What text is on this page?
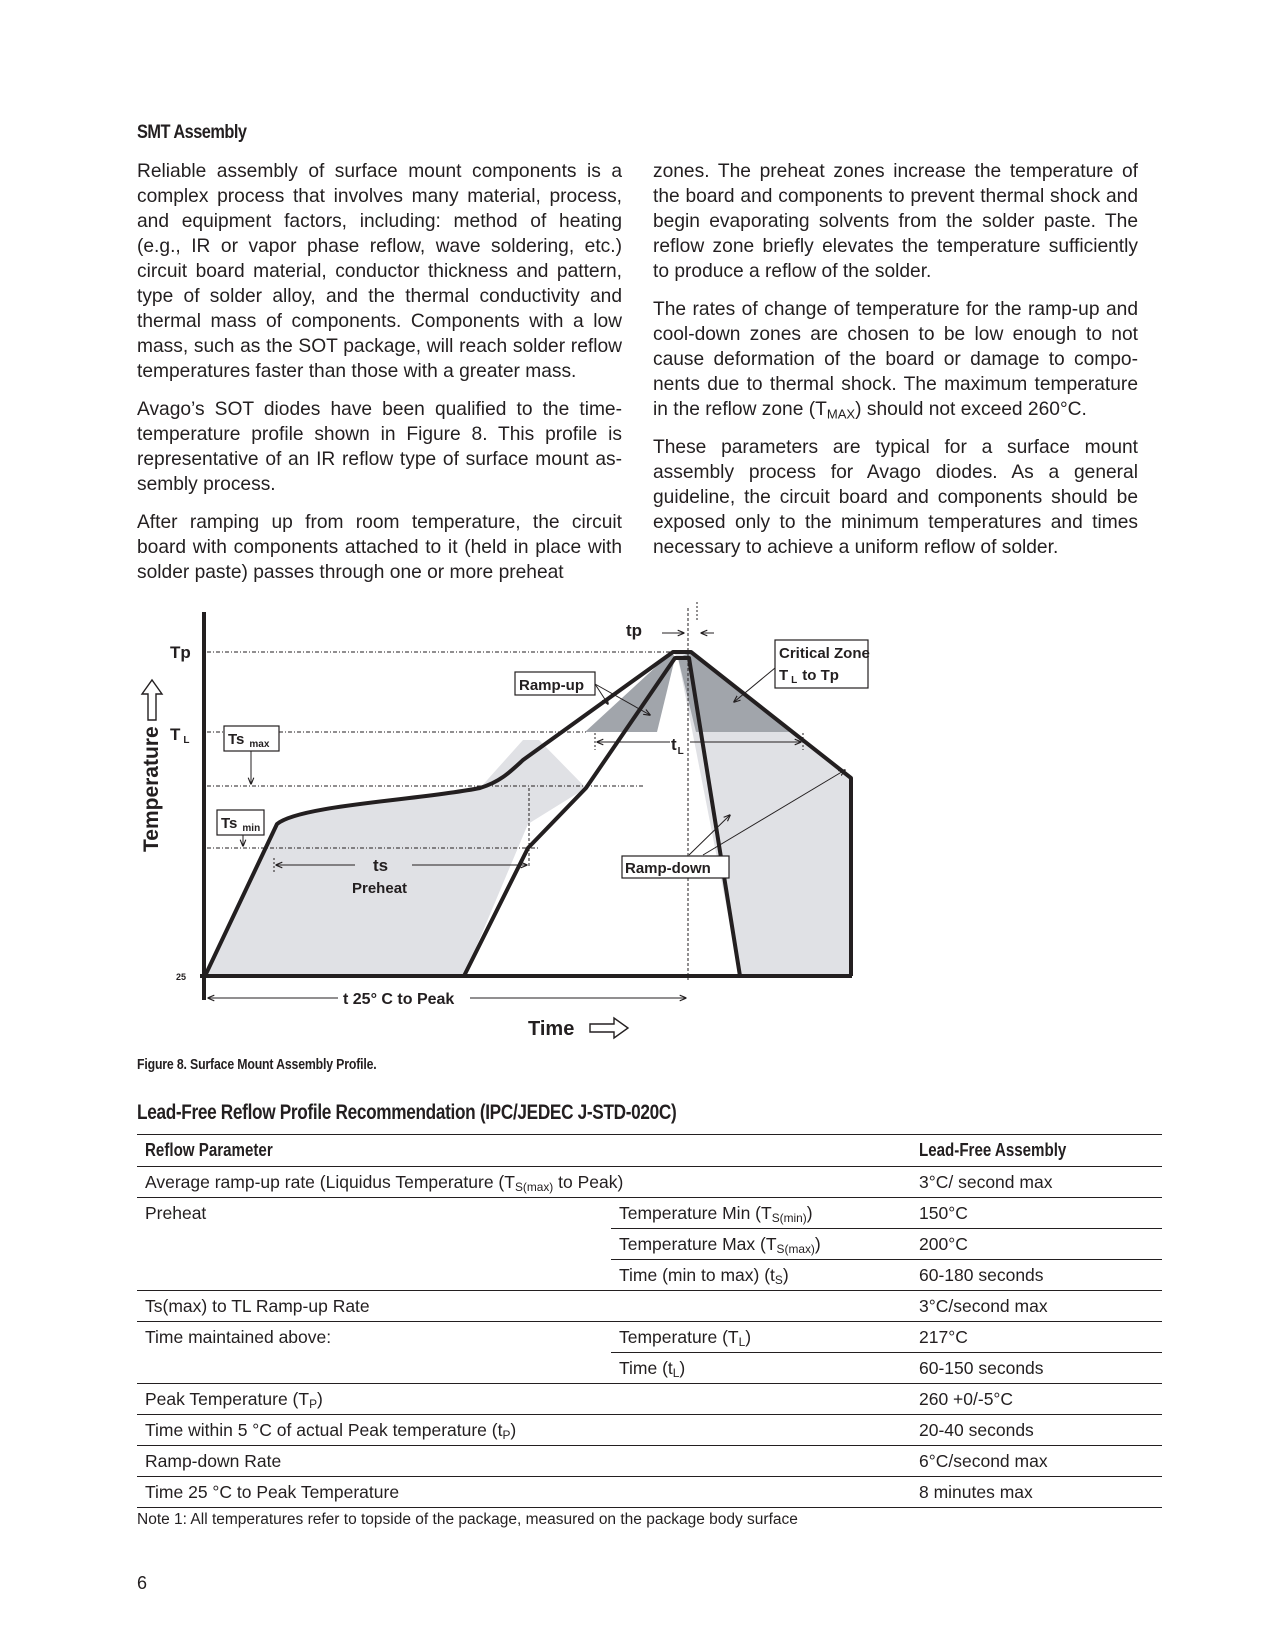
SMT Assembly

Reliable assembly of surface mount components is a complex process that involves many material, process, and equipment factors, including: method of heating (e.g., IR or vapor phase reflow, wave soldering, etc.) circuit board material, conductor thickness and pattern, type of solder alloy, and the thermal conductivity and thermal mass of components. Components with a low mass, such as the SOT package, will reach solder reflow temperatures faster than those with a greater mass.

Avago’s SOT diodes have been qualified to the time-temperature profile shown in Figure 8. This profile is representative of an IR reflow type of surface mount assembly process.

After ramping up from room temperature, the circuit board with components attached to it (held in place with solder paste) passes through one or more preheat

zones. The preheat zones increase the temperature of the board and components to prevent thermal shock and begin evaporating solvents from the solder paste. The reflow zone briefly elevates the temperature sufficiently to produce a reflow of the solder.

The rates of change of temperature for the ramp-up and cool-down zones are chosen to be low enough to not cause deformation of the board or damage to components due to thermal shock. The maximum temperature in the reflow zone $(T_{MAX})$ should not exceed 260°C.

These parameters are typical for a surface mount assembly process for Avago diodes. As a general guideline, the circuit board and components should be exposed only to the minimum temperatures and times necessary to achieve a uniform reflow of solder.

Tp
T L
25
Temperature
tp
Ramp-up
Critical Zone
T $_L$ to Tp
Ts $_{max}$
Ts $_{min}$
ts
Preheat
$t_L$
Ramp-down
t 25° C to Peak
Time
Figure 8. Surface Mount Assembly Profile.
Lead-Free Reflow Profile Recommendation (IPC/JEDEC J-STD-020C)
Reflow Parameter		Lead-Free Assembly
Average ramp-up rate (Liquidus Temperature ($T_{S(max)}$ to Peak)		3°C/ second max
Preheat	Temperature Min $(T_{S(min)})$	150°C
	Temperature Max $(T_{S(max)})$	200°C
	Time (min to max) $(t_S)$	60-180 seconds
Ts(max) to TL Ramp-up Rate		3°C/second max
Time maintained above:	Temperature $(T_L)$	217°C
	Time $(t_L)$	60-150 seconds
Peak Temperature $(T_P)$		260 +0/-5°C
Time within 5 °C of actual Peak temperature $(t_P)$		20-40 seconds
Ramp-down Rate		6°C/second max
Time 25 °C to Peak Temperature		8 minutes max
Note 1: All temperatures refer to topside of the package, measured on the package body surface
6
